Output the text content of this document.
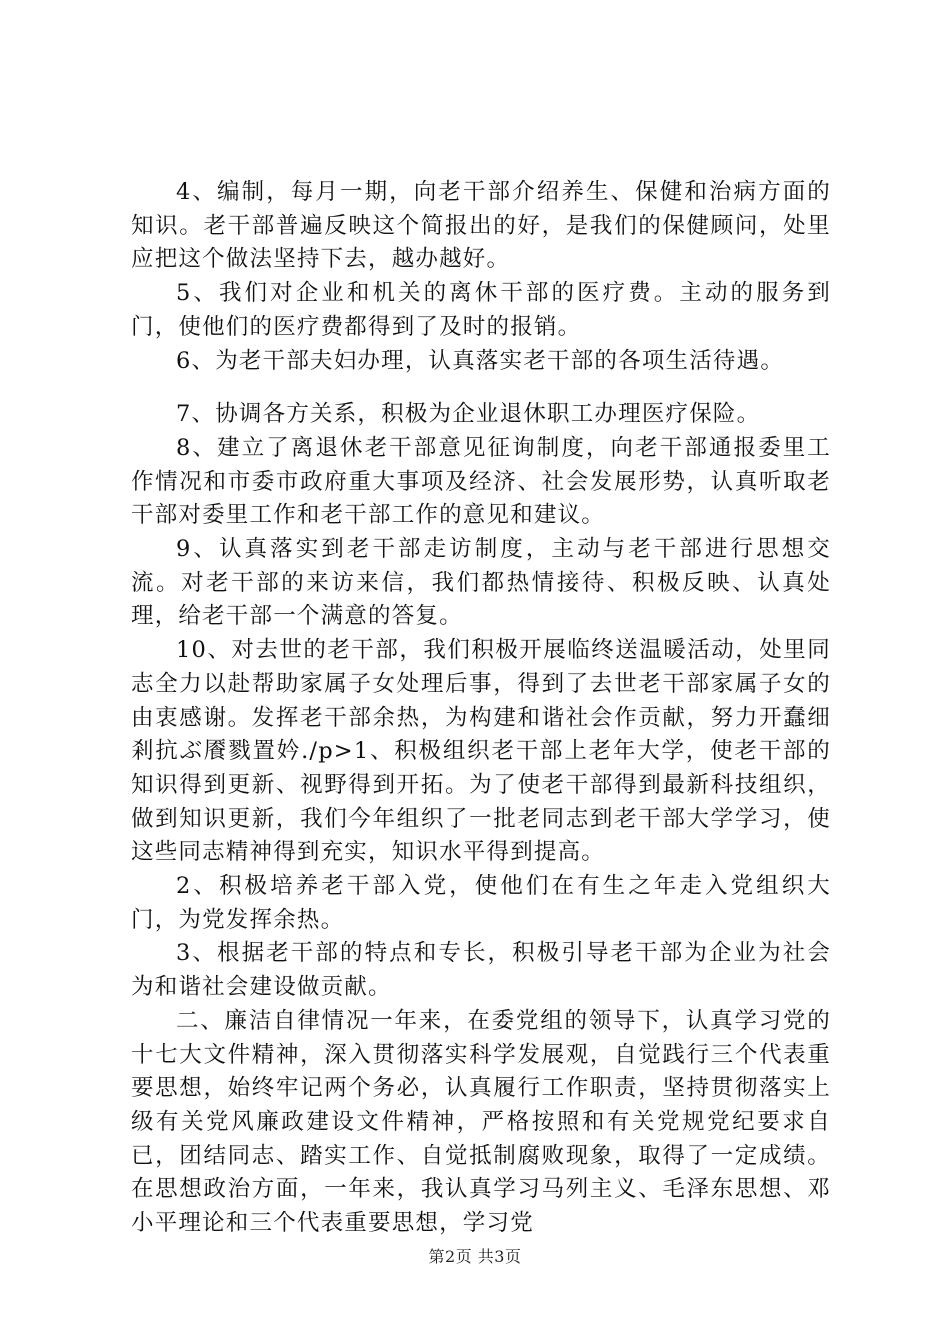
4、编制，每月一期，向老干部介绍养生、保健和治病方面的知识。老干部普遍反映这个简报出的好，是我们的保健顾问，处里应把这个做法坚持下去，越办越好。

5、我们对企业和机关的离休干部的医疗费。主动的服务到门，使他们的医疗费都得到了及时的报销。

6、为老干部夫妇办理，认真落实老干部的各项生活待遇。

7、协调各方关系，积极为企业退休职工办理医疗保险。

8、建立了离退休老干部意见征询制度，向老干部通报委里工作情况和市委市政府重大事项及经济、社会发展形势，认真听取老干部对委里工作和老干部工作的意见和建议。

9、认真落实到老干部走访制度，主动与老干部进行思想交流。对老干部的来访来信，我们都热情接待、积极反映、认真处理，给老干部一个满意的答复。

10、对去世的老干部，我们积极开展临终送温暖活动，处里同志全力以赴帮助家属子女处理后事，得到了去世老干部家属子女的由衷感谢。发挥老干部余热，为构建和谐社会作贡献，努力开蠢细剎抗ぶ餍戮置妗./p>1、积极组织老干部上老年大学，使老干部的知识得到更新、视野得到开拓。为了使老干部得到最新科技组织，做到知识更新，我们今年组织了一批老同志到老干部大学学习，使这些同志精神得到充实，知识水平得到提高。

2、积极培养老干部入党，使他们在有生之年走入党组织大门，为党发挥余热。

3、根据老干部的特点和专长，积极引导老干部为企业为社会为和谐社会建设做贡献。

二、廉洁自律情况一年来，在委党组的领导下，认真学习党的十七大文件精神，深入贯彻落实科学发展观，自觉践行三个代表重要思想，始终牢记两个务必，认真履行工作职责，坚持贯彻落实上级有关党风廉政建设文件精神，严格按照和有关党规党纪要求自已，团结同志、踏实工作、自觉抵制腐败现象，取得了一定成绩。在思想政治方面，一年来，我认真学习马列主义、毛泽东思想、邓小平理论和三个代表重要思想，学习党

第2页 共3页
